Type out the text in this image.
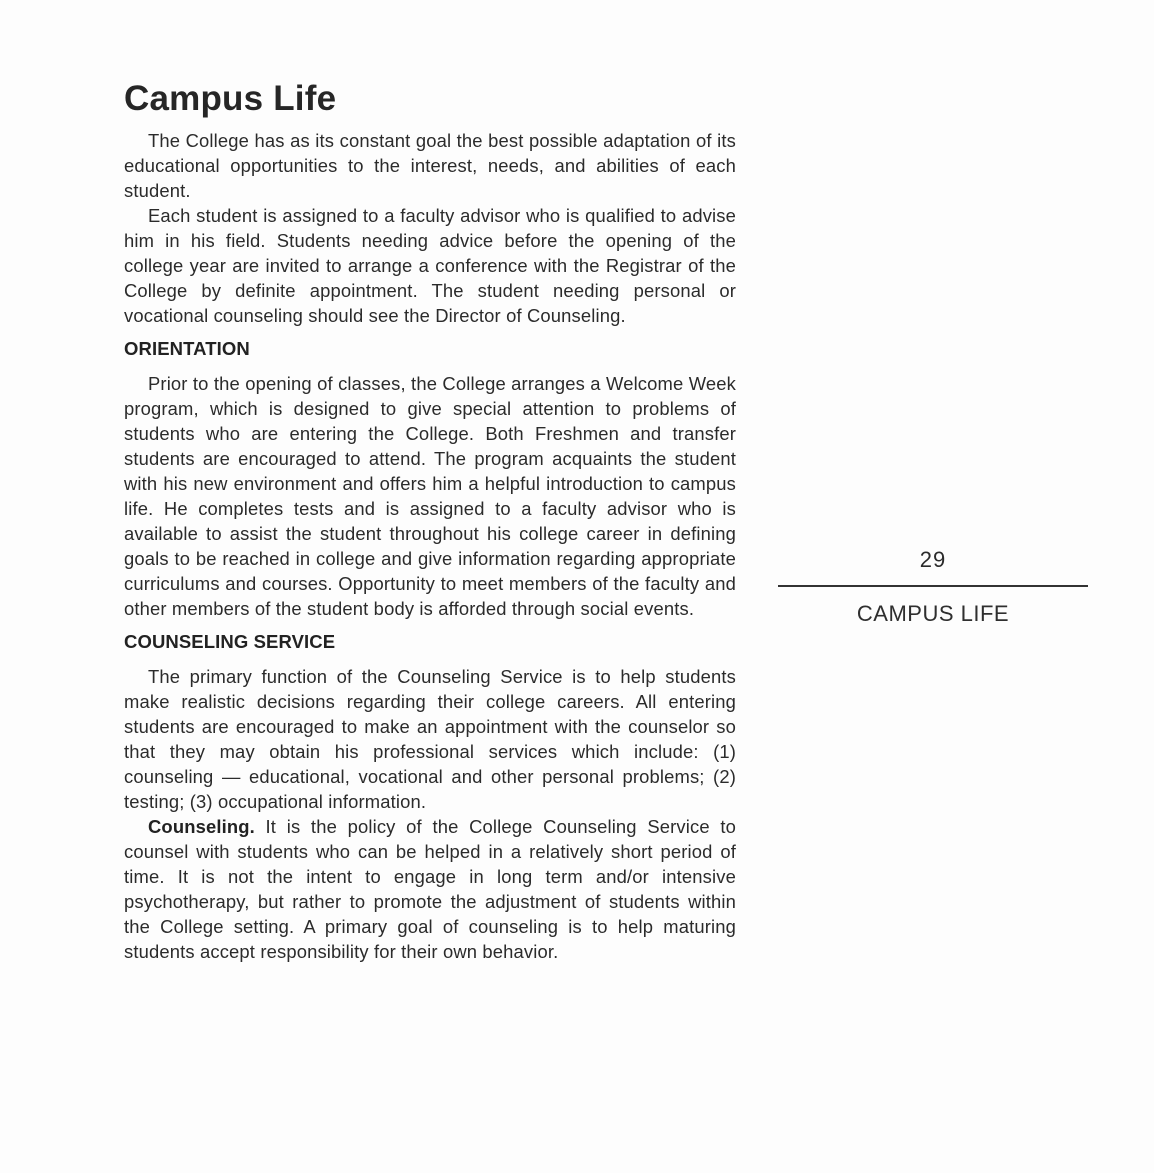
Campus Life

The College has as its constant goal the best possible adaptation of its educational opportunities to the interest, needs, and abilities of each student.

Each student is assigned to a faculty advisor who is qualified to advise him in his field. Students needing advice before the opening of the college year are invited to arrange a conference with the Registrar of the College by definite appointment. The student needing personal or vocational counseling should see the Director of Counseling.

ORIENTATION

Prior to the opening of classes, the College arranges a Welcome Week program, which is designed to give special attention to problems of students who are entering the College. Both Freshmen and transfer students are encouraged to attend. The program acquaints the student with his new environment and offers him a helpful introduction to campus life. He completes tests and is assigned to a faculty advisor who is available to assist the student throughout his college career in defining goals to be reached in college and give information regarding appropriate curriculums and courses. Opportunity to meet members of the faculty and other members of the student body is afforded through social events.

COUNSELING SERVICE

The primary function of the Counseling Service is to help students make realistic decisions regarding their college careers. All entering students are encouraged to make an appointment with the counselor so that they may obtain his professional services which include: (1) counseling — educational, vocational and other personal problems; (2) testing; (3) occupational information.

Counseling. It is the policy of the College Counseling Service to counsel with students who can be helped in a relatively short period of time. It is not the intent to engage in long term and/or intensive psychotherapy, but rather to promote the adjustment of students within the College setting. A primary goal of counseling is to help maturing students accept responsibility for their own behavior.

29
CAMPUS LIFE
